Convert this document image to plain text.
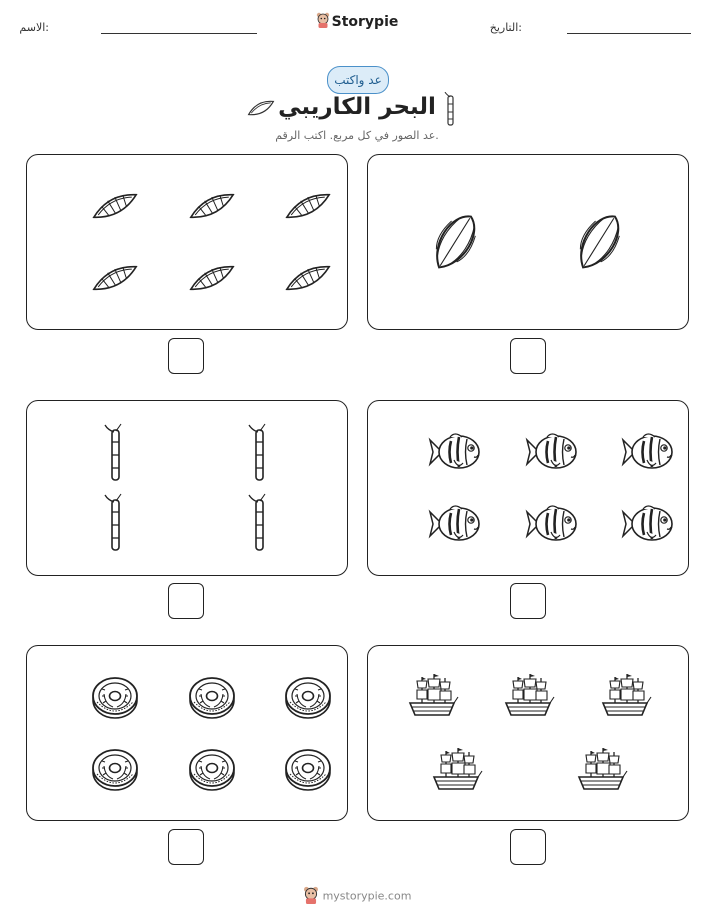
الاسم:	Storypie	التاريخ:
عد واكتب
البحر الكاريبي
عد الصور في كل مربع. اكتب الرقم.
mystorypie.com
